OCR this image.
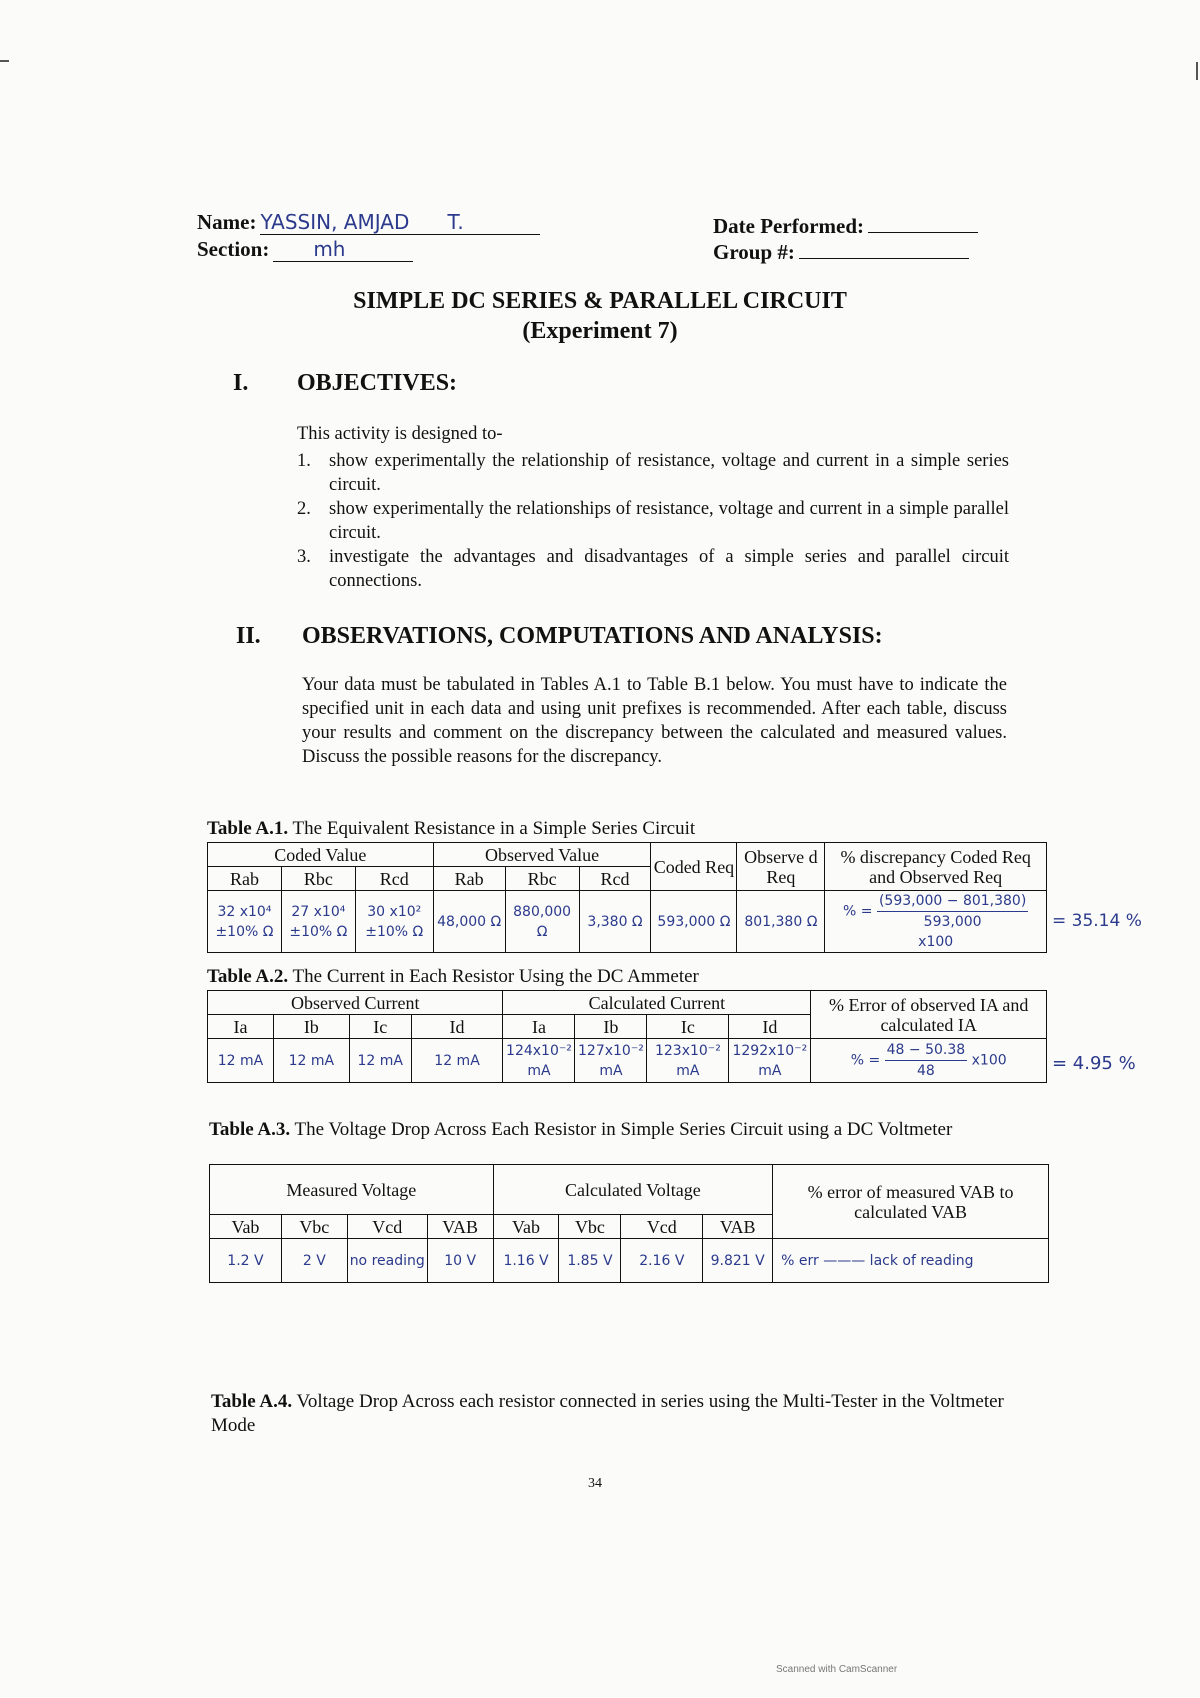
Name: YASSIN, AMJAD      T.
Section: mh
Date Performed:
Group #:
SIMPLE DC SERIES & PARALLEL CIRCUIT
(Experiment 7)
I. OBJECTIVES:
This activity is designed to-
1. show experimentally the relationship of resistance, voltage and current in a simple series circuit.
2. show experimentally the relationships of resistance, voltage and current in a simple parallel circuit.
3. investigate the advantages and disadvantages of a simple series and parallel circuit connections.
II. OBSERVATIONS, COMPUTATIONS AND ANALYSIS:
Your data must be tabulated in Tables A.1 to Table B.1 below. You must have to indicate the specified unit in each data and using unit prefixes is recommended. After each table, discuss your results and comment on the discrepancy between the calculated and measured values. Discuss the possible reasons for the discrepancy.
Table A.1. The Equivalent Resistance in a Simple Series Circuit
Coded Value			Observed Value			Coded Req	Observe d Req	% discrepancy Coded Req and Observed Req
Rab	Rbc	Rcd	Rab	Rbc	Rcd			
32 x10⁴ ±10% Ω	27 x10⁴ ±10% Ω	30 x10² ±10% Ω	48,000 Ω	880,000 Ω	3,380 Ω	593,000 Ω	801,380 Ω	% = $\frac{(593,000 - 801,380)}{593,000}$
x100
= 35.14 %
Table A.2. The Current in Each Resistor Using the DC Ammeter
Observed Current				Calculated Current				% Error of observed IA and calculated IA
Ia	Ib	Ic	Id	Ia	Ib	Ic	Id	
12 mA	12 mA	12 mA	12 mA	124x10⁻² mA	127x10⁻² mA	123x10⁻² mA	1292x10⁻² mA	% = $\frac{48 - 50.38}{48} x100$	= 4.95 %
Table A.3. The Voltage Drop Across Each Resistor in Simple Series Circuit using a DC Voltmeter
Measured Voltage				Calculated Voltage				% error of measured VAB to calculated VAB
Vab	Vbc	Vcd	VAB	Vab	Vbc	Vcd	VAB	
1.2 V	2 V	no reading	10 V	1.16 V	1.85 V	2.16 V	9.821 V	% err ——— lack of reading
Table A.4. Voltage Drop Across each resistor connected in series using the Multi-Tester in the Voltmeter Mode
34
Scanned with CamScanner
